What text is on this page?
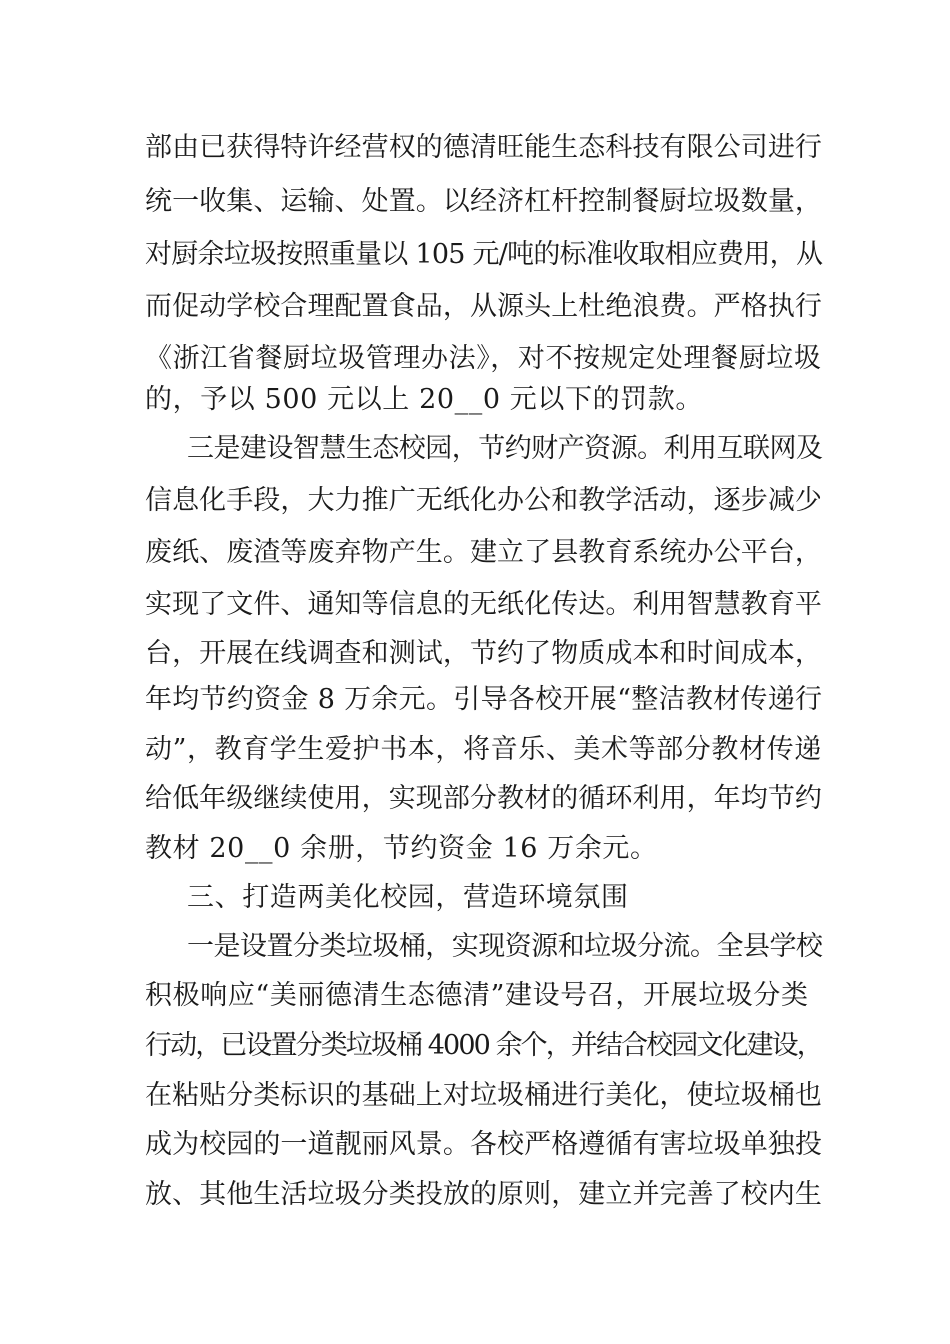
部由已获得特许经营权的德清旺能生态科技有限公司进行
统一收集、运输、处置。以经济杠杆控制餐厨垃圾数量，
对厨余垃圾按照重量以 105 元/吨的标准收取相应费用，从
而促动学校合理配置食品，从源头上杜绝浪费。严格执行
《浙江省餐厨垃圾管理办法》，对不按规定处理餐厨垃圾
的，予以 500 元以上 20__0 元以下的罚款。
三是建设智慧生态校园，节约财产资源。利用互联网及
信息化手段，大力推广无纸化办公和教学活动，逐步减少
废纸、废渣等废弃物产生。建立了县教育系统办公平台，
实现了文件、通知等信息的无纸化传达。利用智慧教育平
台，开展在线调查和测试，节约了物质成本和时间成本，
年均节约资金 8 万余元。引导各校开展“整洁教材传递行
动”，教育学生爱护书本，将音乐、美术等部分教材传递
给低年级继续使用，实现部分教材的循环利用，年均节约
教材 20__0 余册，节约资金 16 万余元。
三、打造两美化校园，营造环境氛围
一是设置分类垃圾桶，实现资源和垃圾分流。全县学校
积极响应“美丽德清生态德清”建设号召，开展垃圾分类
行动，已设置分类垃圾桶 4000 余个，并结合校园文化建设，
在粘贴分类标识的基础上对垃圾桶进行美化，使垃圾桶也
成为校园的一道靓丽风景。各校严格遵循有害垃圾单独投
放、其他生活垃圾分类投放的原则，建立并完善了校内生
